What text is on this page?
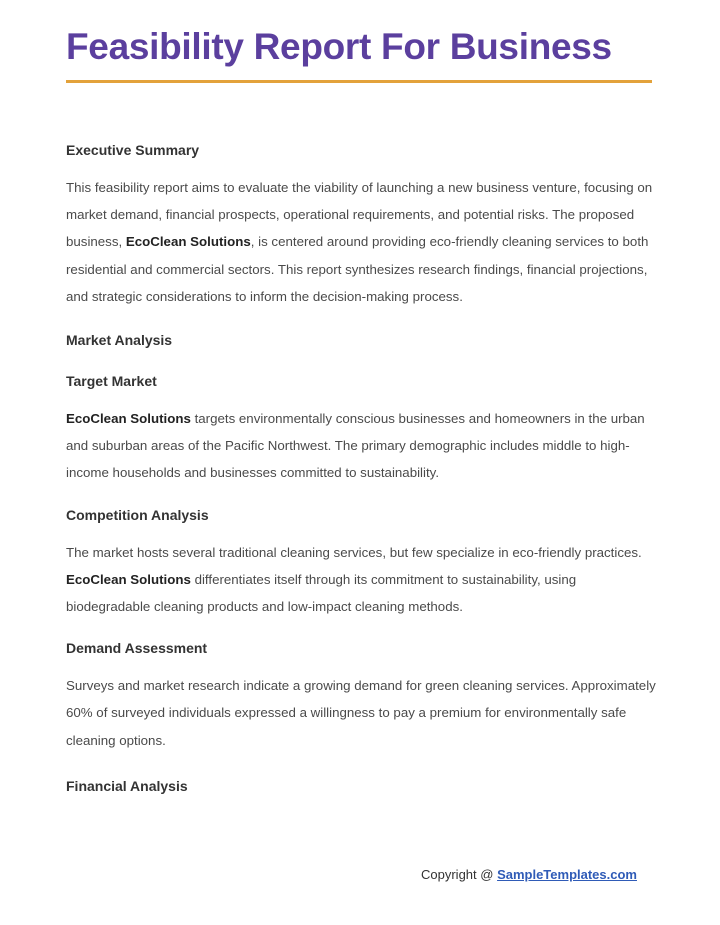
Feasibility Report For Business

Executive Summary

This feasibility report aims to evaluate the viability of launching a new business venture, focusing on market demand, financial prospects, operational requirements, and potential risks. The proposed business, EcoClean Solutions, is centered around providing eco-friendly cleaning services to both residential and commercial sectors. This report synthesizes research findings, financial projections, and strategic considerations to inform the decision-making process.

Market Analysis

Target Market

EcoClean Solutions targets environmentally conscious businesses and homeowners in the urban and suburban areas of the Pacific Northwest. The primary demographic includes middle to high-income households and businesses committed to sustainability.

Competition Analysis

The market hosts several traditional cleaning services, but few specialize in eco-friendly practices. EcoClean Solutions differentiates itself through its commitment to sustainability, using biodegradable cleaning products and low-impact cleaning methods.

Demand Assessment

Surveys and market research indicate a growing demand for green cleaning services. Approximately 60% of surveyed individuals expressed a willingness to pay a premium for environmentally safe cleaning options.

Financial Analysis

Copyright @ SampleTemplates.com
